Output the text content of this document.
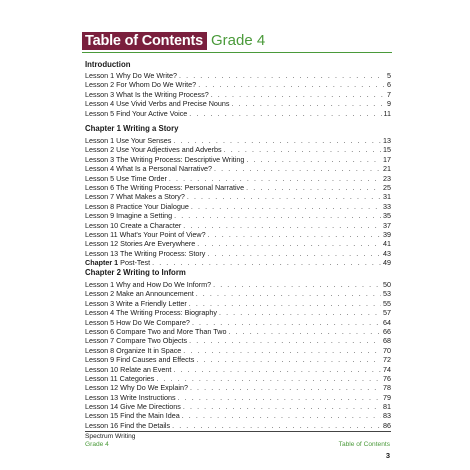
Table of Contents Grade 4
Introduction
Lesson 1 Why Do We Write? . . .	5
Lesson 2 For Whom Do We Write? . . .	6
Lesson 3 What Is the Writing Process? . . .	7
Lesson 4 Use Vivid Verbs and Precise Nouns . . .	9
Lesson 5 Find Your Active Voice . . .	11
Chapter 1 Writing a Story
Lesson 1 Use Your Senses . . .	13
Lesson 2 Use Your Adjectives and Adverbs . . .	15
Lesson 3 The Writing Process: Descriptive Writing . . .	17
Lesson 4 What Is a Personal Narrative? . . .	21
Lesson 5 Use Time Order . . .	23
Lesson 6 The Writing Process: Personal Narrative . . .	25
Lesson 7 What Makes a Story? . . .	31
Lesson 8 Practice Your Dialogue . . .	33
Lesson 9 Imagine a Setting . . .	35
Lesson 10 Create a Character . . .	37
Lesson 11 What's Your Point of View? . . .	39
Lesson 12 Stories Are Everywhere . . .	41
Lesson 13 The Writing Process: Story . . .	43
Chapter 1 Post-Test . . .	49
Chapter 2 Writing to Inform
Lesson 1 Why and How Do We Inform? . . .	50
Lesson 2 Make an Announcement . . .	53
Lesson 3 Write a Friendly Letter . . .	55
Lesson 4 The Writing Process: Biography . . .	57
Lesson 5 How Do We Compare? . . .	64
Lesson 6 Compare Two and More Than Two . . .	66
Lesson 7 Compare Two Objects . . .	68
Lesson 8 Organize It in Space . . .	70
Lesson 9 Find Causes and Effects . . .	72
Lesson 10 Relate an Event . . .	74
Lesson 11 Categories . . .	76
Lesson 12 Why Do We Explain? . . .	78
Lesson 13 Write Instructions . . .	79
Lesson 14 Give Me Directions . . .	81
Lesson 15 Find the Main Idea . . .	83
Lesson 16 Find the Details . . .	86
Spectrum Writing
Grade 4	Table of Contents
3
